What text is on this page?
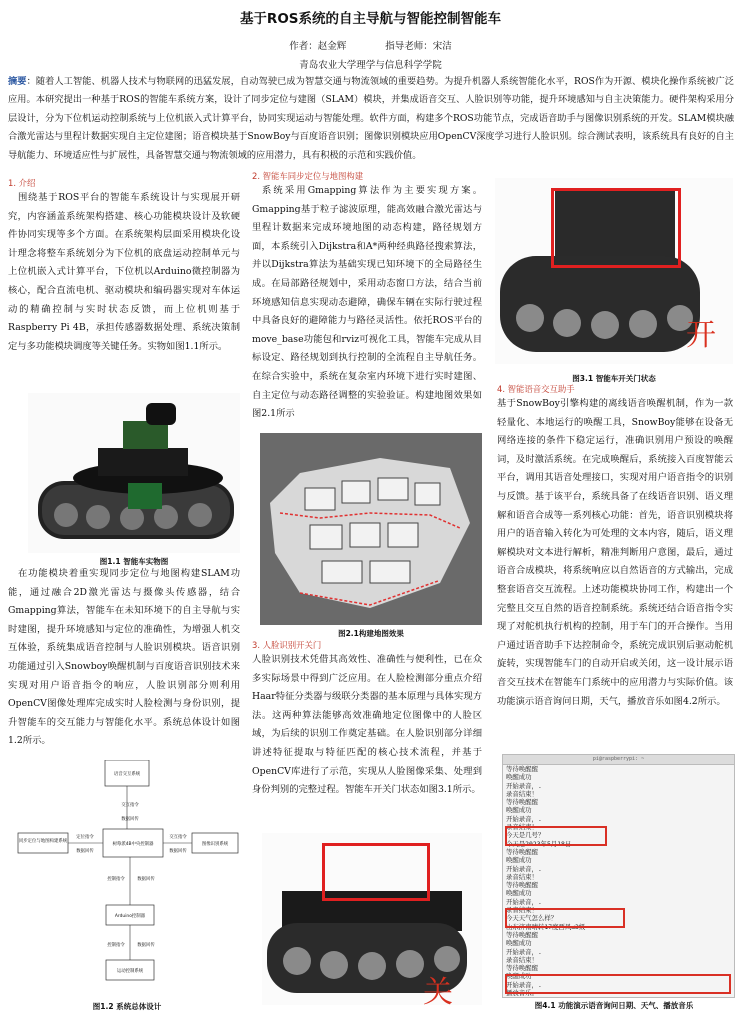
基于ROS系统的自主导航与智能控制智能车
作者：赵金辉	指导老师：宋洁
青岛农业大学理学与信息科学学院
摘要：随着人工智能、机器人技术与物联网的迅猛发展，自动驾驶已成为智慧交通与物流领域的重要趋势。为提升机器人系统智能化水平，ROS作为开源、模块化操作系统被广泛应用。本研究提出一种基于ROS的智能车系统方案，设计了同步定位与建图（SLAM）模块，并集成语音交互、人脸识别等功能，提升环境感知与自主决策能力。硬件架构采用分层设计，分为下位机运动控制系统与上位机嵌入式计算平台，协同实现运动与智能处理。软件方面，构建多个ROS功能节点，完成语音助手与图像识别系统的开发。SLAM模块融合激光雷达与里程计数据实现自主定位建图；语音模块基于SnowBoy与百度语音识别；图像识别模块应用OpenCV深度学习进行人脸识别。综合测试表明，该系统具有良好的自主导航能力、环境适应性与扩展性，具备智慧交通与物流领域的应用潜力，具有积极的示范和实践价值。

1. 介绍

围绕基于ROS平台的智能车系统设计与实现展开研究，内容涵盖系统架构搭建、核心功能模块设计及软硬件协同实现等多个方面。在系统架构层面采用模块化设计理念将整车系统划分为下位机的底盘运动控制单元与上位机嵌入式计算平台，下位机以Arduino微控制器为核心，配合直流电机、驱动模块和编码器实现对车体运动的精确控制与实时状态反馈，而上位机则基于Raspberry Pi 4B，承担传感器数据处理、系统决策制定与多功能模块调度等关键任务。实物如图1.1所示。

图1.1 智能车实物图

在功能模块着重实现同步定位与地图构建SLAM功能，通过融合2D激光雷达与摄像头传感器，结合Gmapping算法，智能车在未知环境下的自主导航与实时建图，提升环境感知与定位的准确性，为增强人机交互体验，系统集成语音控制与人脸识别模块。语音识别功能通过引入Snowboy唤醒机制与百度语音识别技术来实现对用户语音指令的响应，人脸识别部分则利用OpenCV图像处理库完成实时人脸检测与身份识别，提升智能车的交互能力与智能化水平。系统总体设计如图1.2所示。

语音交互系统
树莓派4B中央控制器
同步定位与地图构建系统
图像识别系统
Arduino控制器
运动控制系统
交互指令
数据回传
定位指令
数据回传
交互指令
数据回传
控制指令	数据回传
控制指令	数据回传
图1.2 系统总体设计

2. 智能车同步定位与地图构建

系统采用Gmapping算法作为主要实现方案。Gmapping基于粒子滤波原理，能高效融合激光雷达与里程计数据来完成环境地图的动态构建，路径规划方面，本系统引入Dijkstra和A*两种经典路径搜索算法，并以Dijkstra算法为基础实现已知环境下的全局路径生成。在局部路径规划中，采用动态窗口方法，结合当前环境感知信息实现动态避障，确保车辆在实际行驶过程中具备良好的避障能力与路径灵活性。依托ROS平台的move_base功能包和rviz可视化工具，智能车完成从目标设定、路径规划到执行控制的全流程自主导航任务。在综合实验中，系统在复杂室内环境下进行实时建图、自主定位与动态路径调整的实验验证。构建地图效果如图2.1所示

图2.1构建地图效果

3. 人脸识别开关门

人脸识别技术凭借其高效性、准确性与便利性，已在众多实际场景中得到广泛应用。在人脸检测部分重点介绍Haar特征分类器与级联分类器的基本原理与具体实现方法。这两种算法能够高效准确地定位图像中的人脸区域，为后续的识别工作奠定基础。在人脸识别部分详细讲述特征提取与特征匹配的核心技术流程，并基于OpenCV库进行了示范，实现从人脸图像采集、处理到身份判别的完整过程。智能车开关门状态如图3.1所示。

关
开
图3.1 智能车开关门状态

4. 智能语音交互助手

基于SnowBoy引擎构建的离线语音唤醒机制，作为一款轻量化、本地运行的唤醒工具，SnowBoy能够在设备无网络连接的条件下稳定运行，准确识别用户预设的唤醒词，及时激活系统。在完成唤醒后，系统接入百度智能云平台，调用其语音处理接口，实现对用户语音指令的识别与反馈。基于该平台，系统具备了在线语音识别、语义理解和语音合成等一系列核心功能：首先，语音识别模块将用户的语音输入转化为可处理的文本内容，随后，语义理解模块对文本进行解析，精准判断用户意图，最后，通过语音合成模块，将系统响应以自然语音的方式输出，完成整套语音交互流程。上述功能模块协同工作，构建出一个完整且交互自然的语音控制系统。系统还结合语音指令实现了对舵机执行机构的控制，用于车门的开合操作。当用户通过语音助手下达控制命令，系统完成识别后驱动舵机旋转，实现智能车门的自动开启或关闭，这一设计展示语音交互技术在智能车门系统中的应用潜力与实际价值。该功能演示语音询问日期，天气，播放音乐如图4.2所示。

pi@raspberrypi: ~
等待唤醒醒
唤醒成功
开始录音，.
录音结束！
等待唤醒醒
唤醒成功
开始录音，.
录音结束！
今天是几号？
今天是2023年5月18日
等待唤醒醒
唤醒成功
开始录音，.
录音结束！
等待唤醒醒
唤醒成功
开始录音，.
录音结束！
今天天气怎么样？
山东济南晴转17度西风≤3级
等待唤醒醒
唤醒成功
开始录音，.
录音结束！
等待唤醒醒
唤醒成功
开始录音，.
播放音乐。
图4.1 功能演示语音询问日期、天气、播放音乐
